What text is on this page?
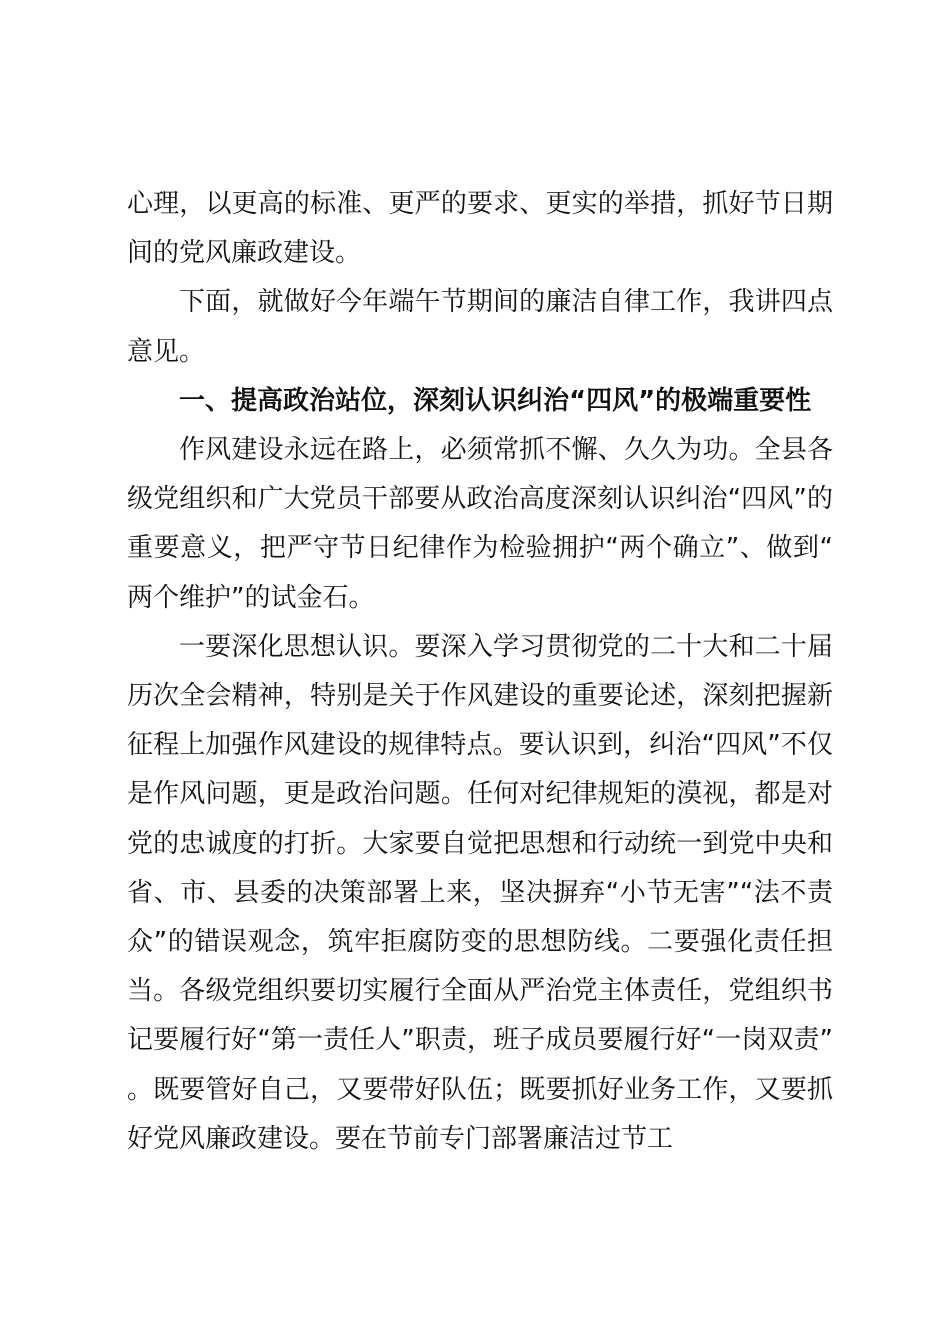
心理，以更高的标准、更严的要求、更实的举措，抓好节日期间的党风廉政建设。

下面，就做好今年端午节期间的廉洁自律工作，我讲四点意见。

一、提高政治站位，深刻认识纠治“四风”的极端重要性

作风建设永远在路上，必须常抓不懈、久久为功。全县各级党组织和广大党员干部要从政治高度深刻认识纠治“四风”的重要意义，把严守节日纪律作为检验拥护“两个确立”、做到“两个维护”的试金石。

一要深化思想认识。要深入学习贯彻党的二十大和二十届历次全会精神，特别是关于作风建设的重要论述，深刻把握新征程上加强作风建设的规律特点。要认识到，纠治“四风”不仅是作风问题，更是政治问题。任何对纪律规矩的漠视，都是对党的忠诚度的打折。大家要自觉把思想和行动统一到党中央和省、市、县委的决策部署上来，坚决摒弃“小节无害”“法不责众”的错误观念，筑牢拒腐防变的思想防线。二要强化责任担当。各级党组织要切实履行全面从严治党主体责任，党组织书记要履行好“第一责任人”职责，班子成员要履行好“一岗双责”。既要管好自己，又要带好队伍；既要抓好业务工作，又要抓好党风廉政建设。要在节前专门部署廉洁过节工
